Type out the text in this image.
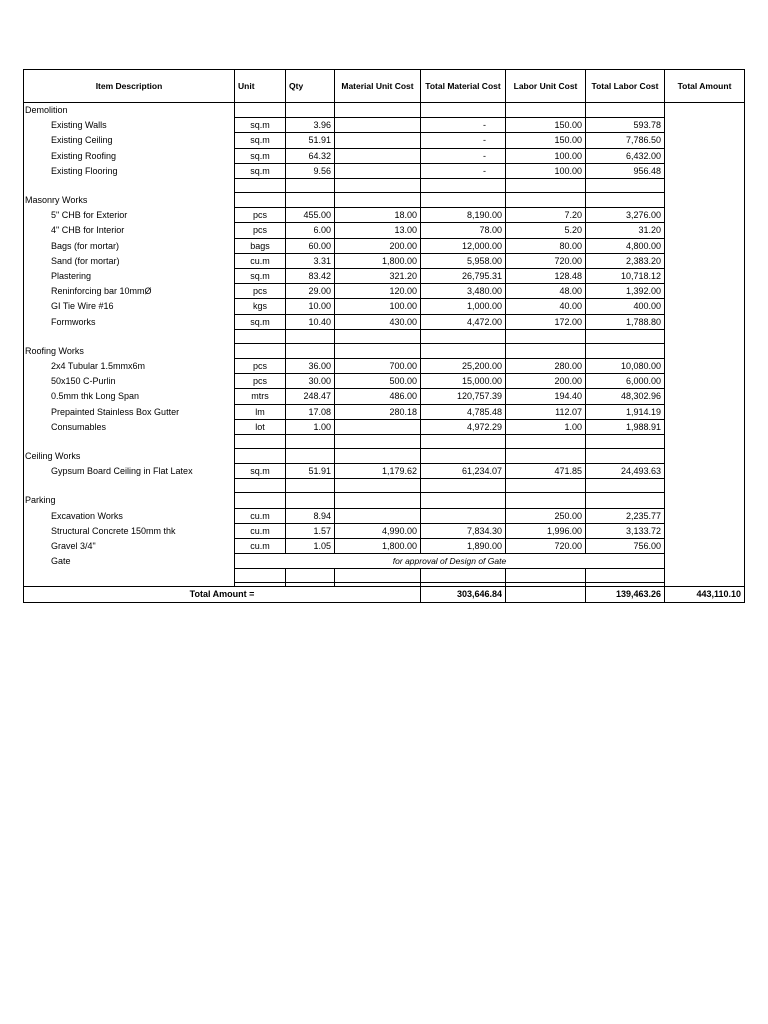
Item Description	Unit	Qty	Material Unit Cost	Total Material Cost	Labor Unit Cost	Total Labor Cost	Total Amount
Demolition							
Existing Walls	sq.m	3.96		-	150.00	593.78	
Existing Ceiling	sq.m	51.91		-	150.00	7,786.50	
Existing Roofing	sq.m	64.32		-	100.00	6,432.00	
Existing Flooring	sq.m	9.56		-	100.00	956.48	

Masonry Works							
5" CHB for Exterior	pcs	455.00	18.00	8,190.00	7.20	3,276.00	
4" CHB for Interior	pcs	6.00	13.00	78.00	5.20	31.20	
Bags (for mortar)	bags	60.00	200.00	12,000.00	80.00	4,800.00	
Sand (for mortar)	cu.m	3.31	1,800.00	5,958.00	720.00	2,383.20	
Plastering	sq.m	83.42	321.20	26,795.31	128.48	10,718.12	
Reninforcing bar 10mmØ	pcs	29.00	120.00	3,480.00	48.00	1,392.00	
GI Tie Wire #16	kgs	10.00	100.00	1,000.00	40.00	400.00	
Formworks	sq.m	10.40	430.00	4,472.00	172.00	1,788.80	

Roofing Works							
2x4 Tubular 1.5mmx6m	pcs	36.00	700.00	25,200.00	280.00	10,080.00	
50x150 C-Purlin	pcs	30.00	500.00	15,000.00	200.00	6,000.00	
0.5mm thk Long Span	mtrs	248.47	486.00	120,757.39	194.40	48,302.96	
Prepainted Stainless Box Gutter	lm	17.08	280.18	4,785.48	112.07	1,914.19	
Consumables	lot	1.00		4,972.29	1.00	1,988.91	

Ceiling Works							
Gypsum Board Ceiling in Flat Latex	sq.m	51.91	1,179.62	61,234.07	471.85	24,493.63	

Parking							
Excavation Works	cu.m	8.94			250.00	2,235.77	
Structural Concrete 150mm thk	cu.m	1.57	4,990.00	7,834.30	1,996.00	3,133.72	
Gravel 3/4"	cu.m	1.05	1,800.00	1,890.00	720.00	756.00	
Gate	for approval of Design of Gate						

Total Amount =				303,646.84		139,463.26	443,110.10
